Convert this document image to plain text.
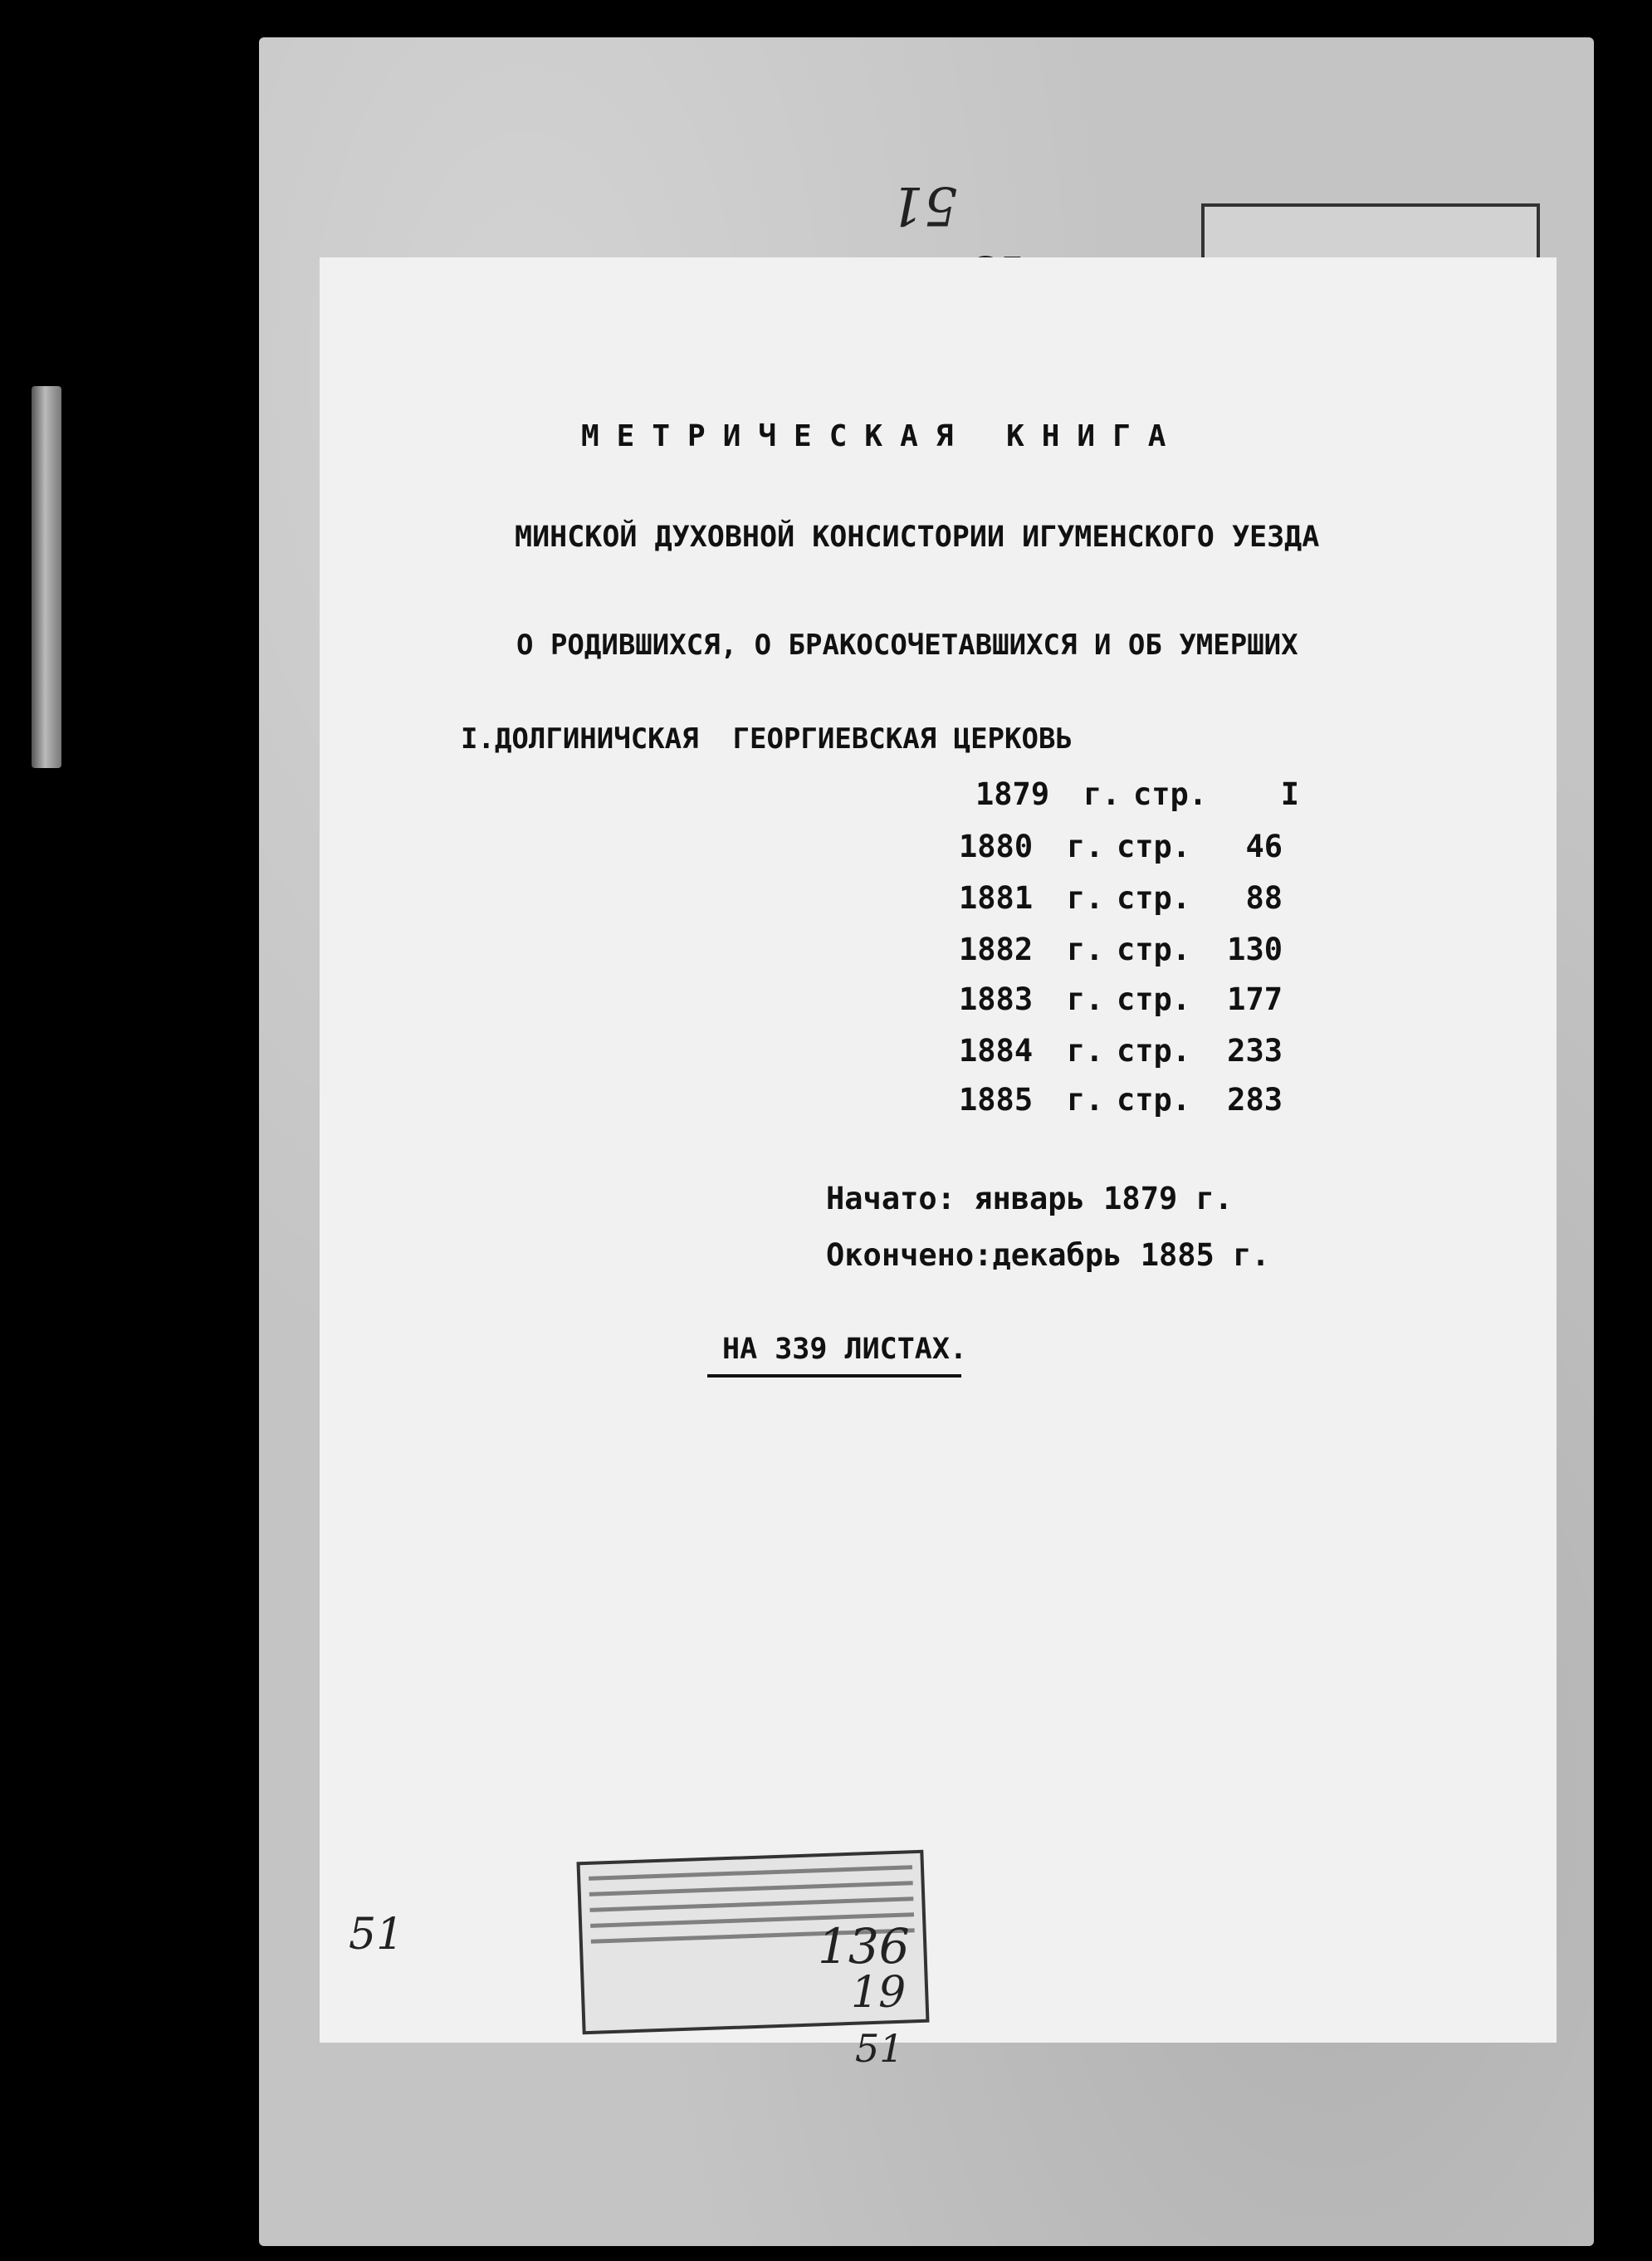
51
МЕТРИЧЕСКАЯ КНИГА
МИНСКОЙ ДУХОВНОЙ КОНСИСТОРИИ ИГУМЕНСКОГО УЕЗДА
О РОДИВШИХСЯ, О БРАКОСОЧЕТАВШИХСЯ И ОБ УМЕРШИХ
I.ДОЛГИНИЧСКАЯ  ГЕОРГИЕВСКАЯ ЦЕРКОВЬ
1879 г. стр. I
1880 г. стр. 46
1881 г. стр. 88
1882 г. стр. 130
1883 г. стр. 177
1884 г. стр. 233
1885 г. стр. 283
Начато: январь 1879 г.
Окончено:декабрь 1885 г.
НА 339 ЛИСТАХ.
51	136
19
51
